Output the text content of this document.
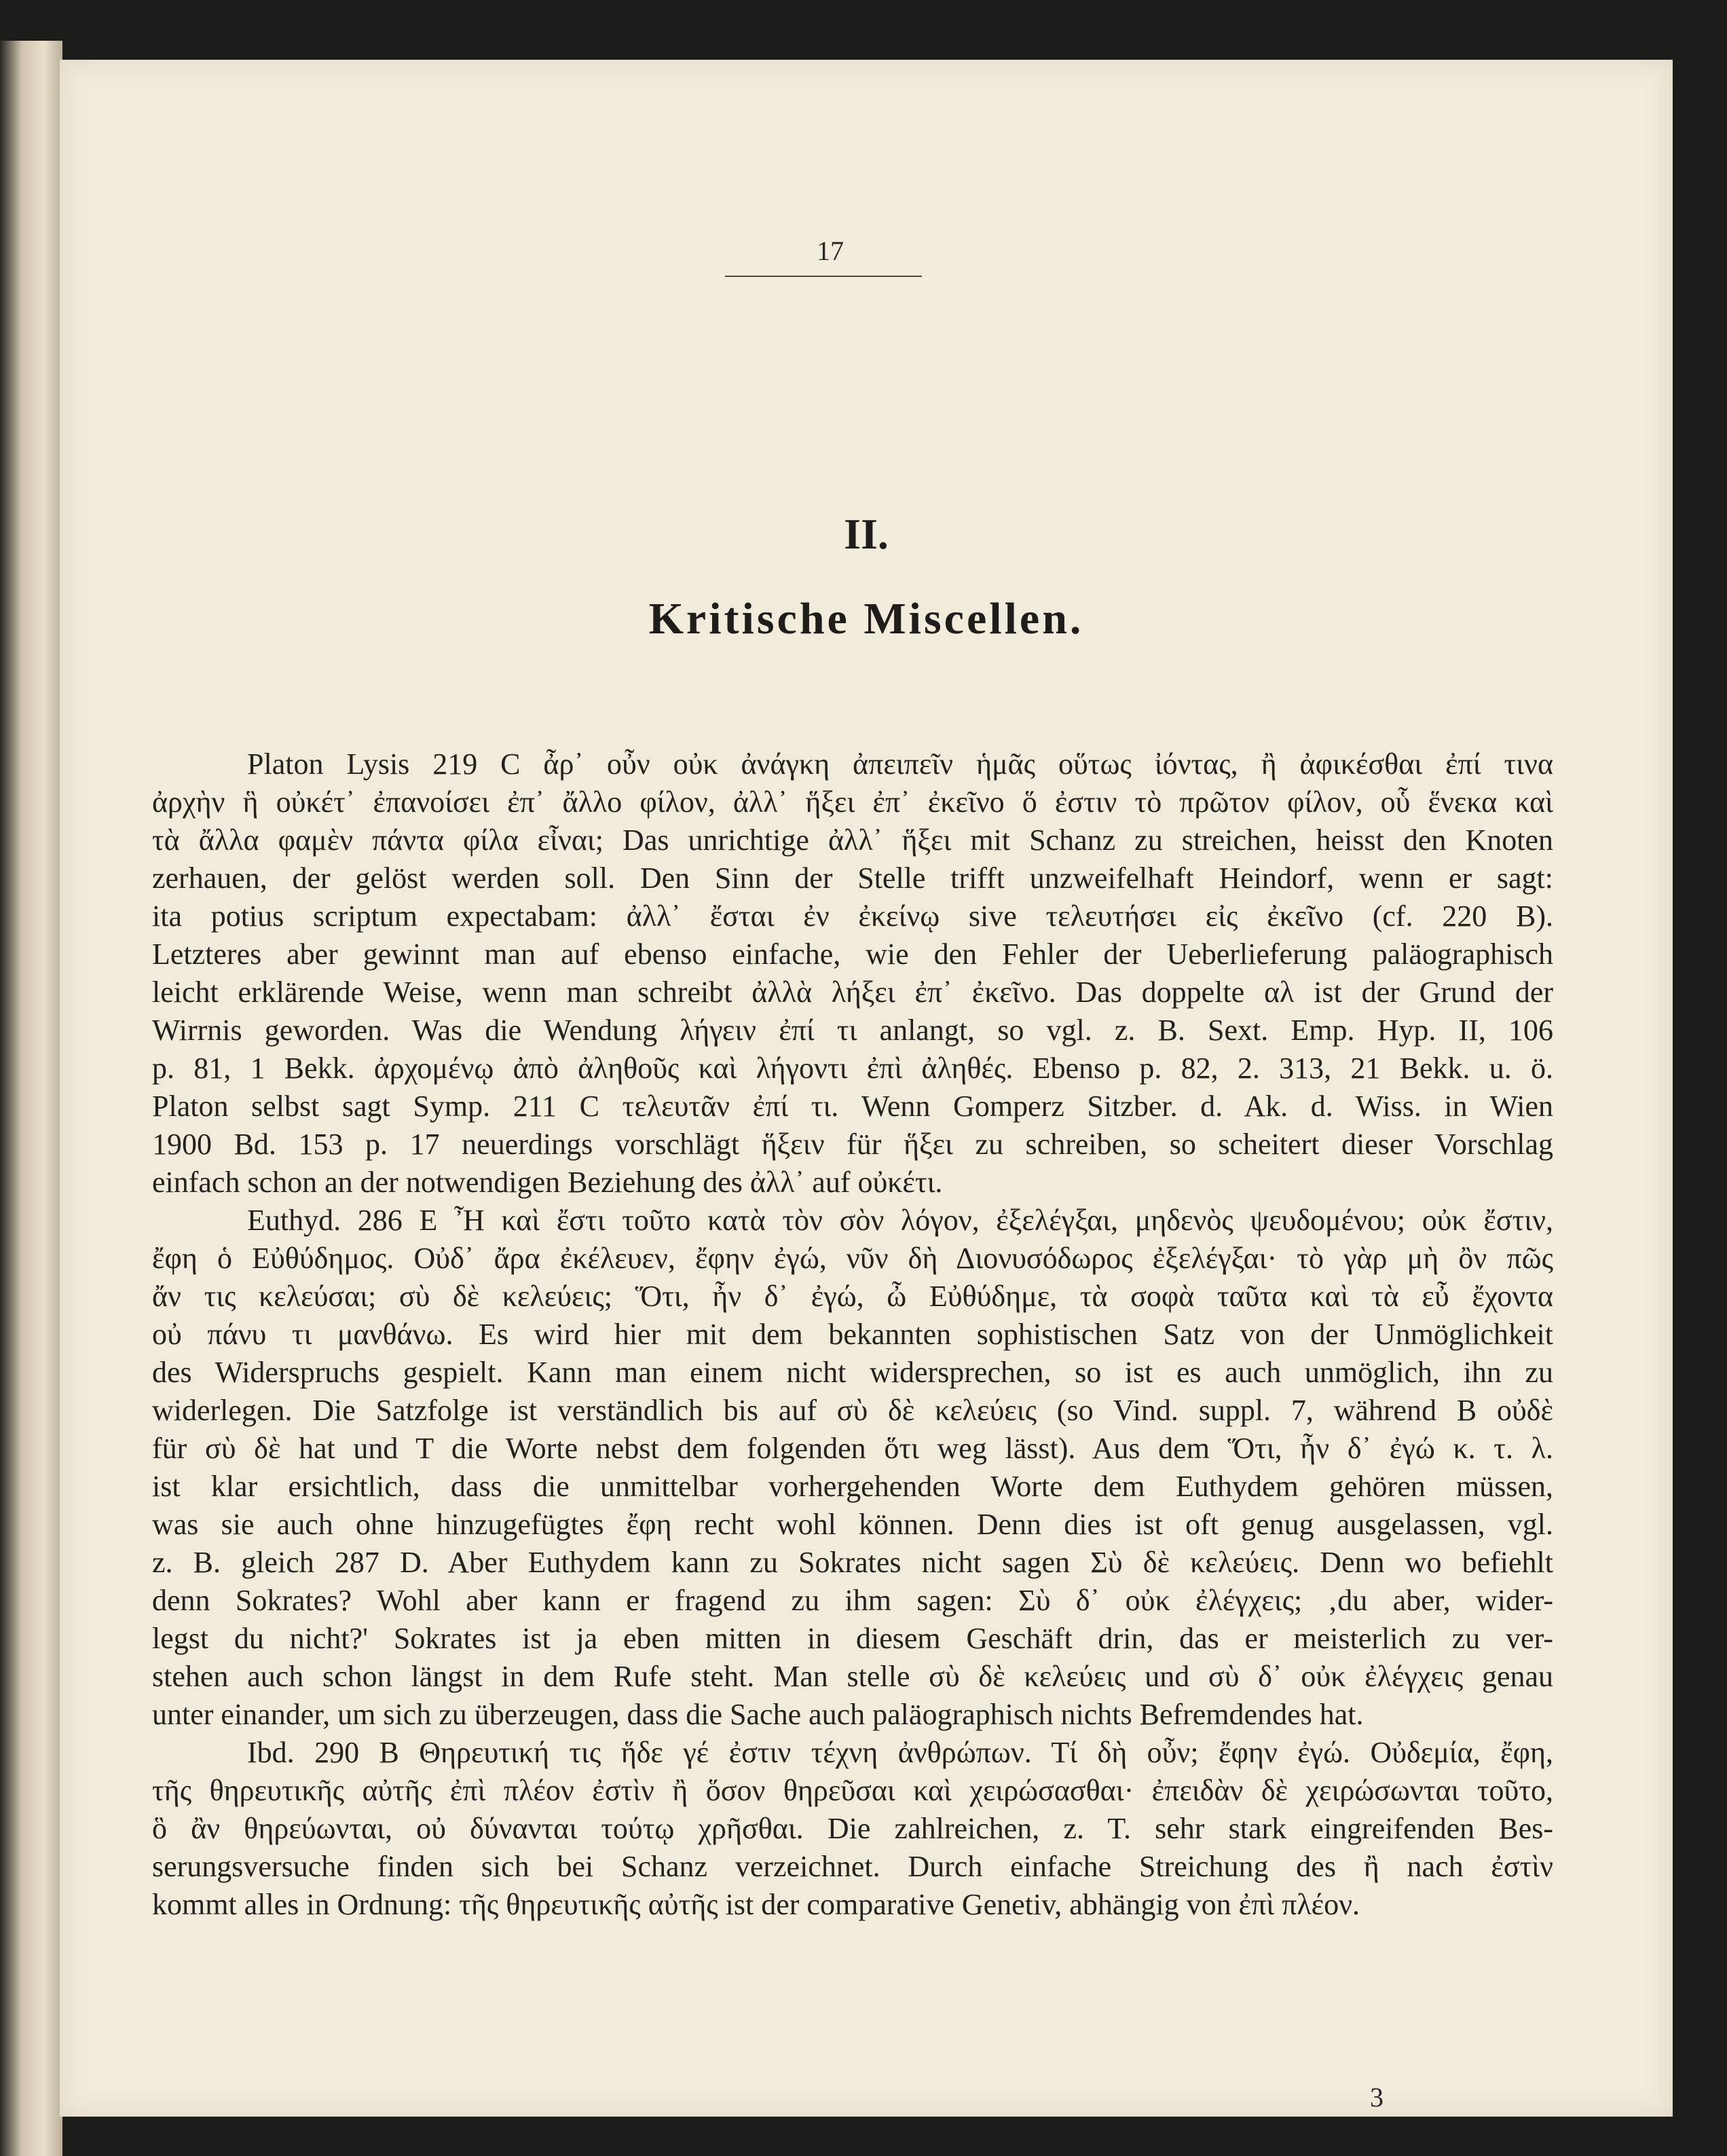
17
II.
Kritische Miscellen.
Platon Lysis 219 C ἆρ᾽ οὖν οὐκ ἀνάγκη ἀπειπεῖν ἡμᾶς οὕτως ἰόντας, ἢ ἀφικέσθαι ἐπί τινα
ἀρχὴν ἣ οὐκέτ᾽ ἐπανοίσει ἐπ᾽ ἄλλο φίλον, ἀλλ᾽ ἥξει ἐπ᾽ ἐκεῖνο ὅ ἐστιν τὸ πρῶτον φίλον, οὗ ἕνεκα καὶ
τὰ ἄλλα φαμὲν πάντα φίλα εἶναι; Das unrichtige ἀλλ᾽ ἥξει mit Schanz zu streichen, heisst den Knoten
zerhauen, der gelöst werden soll. Den Sinn der Stelle trifft unzweifelhaft Heindorf, wenn er sagt:
ita potius scriptum expectabam: ἀλλ᾽ ἔσται ἐν ἐκείνῳ sive τελευτήσει εἰς ἐκεῖνο (cf. 220 B).
Letzteres aber gewinnt man auf ebenso einfache, wie den Fehler der Ueberlieferung paläographisch
leicht erklärende Weise, wenn man schreibt ἀλλὰ λήξει ἐπ᾽ ἐκεῖνο. Das doppelte αλ ist der Grund der
Wirrnis geworden. Was die Wendung λήγειν ἐπί τι anlangt, so vgl. z. B. Sext. Emp. Hyp. II, 106
p. 81, 1 Bekk. ἀρχομένῳ ἀπὸ ἀληθοῦς καὶ λήγοντι ἐπὶ ἀληθές. Ebenso p. 82, 2. 313, 21 Bekk. u. ö.
Platon selbst sagt Symp. 211 C τελευτᾶν ἐπί τι. Wenn Gomperz Sitzber. d. Ak. d. Wiss. in Wien
1900 Bd. 153 p. 17 neuerdings vorschlägt ἥξειν für ἥξει zu schreiben, so scheitert dieser Vorschlag
einfach schon an der notwendigen Beziehung des ἀλλ᾽ auf οὐκέτι.
Euthyd. 286 E Ἦ καὶ ἔστι τοῦτο κατὰ τὸν σὸν λόγον, ἐξελέγξαι, μηδενὸς ψευδομένου; οὐκ ἔστιν,
ἔφη ὁ Εὐθύδημος. Οὐδ᾽ ἄρα ἐκέλευεν, ἔφην ἐγώ, νῦν δὴ Διονυσόδωρος ἐξελέγξαι· τὸ γὰρ μὴ ὂν πῶς
ἄν τις κελεύσαι; σὺ δὲ κελεύεις; Ὅτι, ἦν δ᾽ ἐγώ, ὦ Εὐθύδημε, τὰ σοφὰ ταῦτα καὶ τὰ εὖ ἔχοντα
οὐ πάνυ τι μανθάνω. Es wird hier mit dem bekannten sophistischen Satz von der Unmöglichkeit
des Widerspruchs gespielt. Kann man einem nicht widersprechen, so ist es auch unmöglich, ihn zu
widerlegen. Die Satzfolge ist verständlich bis auf σὺ δὲ κελεύεις (so Vind. suppl. 7, während B οὐδὲ
für σὺ δὲ hat und T die Worte nebst dem folgenden ὅτι weg lässt). Aus dem Ὅτι, ἦν δ᾽ ἐγώ κ. τ. λ.
ist klar ersichtlich, dass die unmittelbar vorhergehenden Worte dem Euthydem gehören müssen,
was sie auch ohne hinzugefügtes ἔφη recht wohl können. Denn dies ist oft genug ausgelassen, vgl.
z. B. gleich 287 D. Aber Euthydem kann zu Sokrates nicht sagen Σὺ δὲ κελεύεις. Denn wo befiehlt
denn Sokrates? Wohl aber kann er fragend zu ihm sagen: Σὺ δ᾽ οὐκ ἐλέγχεις; ‚du aber, wider-
legst du nicht?' Sokrates ist ja eben mitten in diesem Geschäft drin, das er meisterlich zu ver-
stehen auch schon längst in dem Rufe steht. Man stelle σὺ δὲ κελεύεις und σὺ δ᾽ οὐκ ἐλέγχεις genau
unter einander, um sich zu überzeugen, dass die Sache auch paläographisch nichts Befremdendes hat.
Ibd. 290 B Θηρευτική τις ἥδε γέ ἐστιν τέχνη ἀνθρώπων. Τί δὴ οὖν; ἔφην ἐγώ. Οὐδεμία, ἔφη,
τῆς θηρευτικῆς αὐτῆς ἐπὶ πλέον ἐστὶν ἢ ὅσον θηρεῦσαι καὶ χειρώσασθαι· ἐπειδὰν δὲ χειρώσωνται τοῦτο,
ὃ ἂν θηρεύωνται, οὐ δύνανται τούτῳ χρῆσθαι. Die zahlreichen, z. T. sehr stark eingreifenden Bes-
serungsversuche finden sich bei Schanz verzeichnet. Durch einfache Streichung des ἢ nach ἐστὶν
kommt alles in Ordnung: τῆς θηρευτικῆς αὐτῆς ist der comparative Genetiv, abhängig von ἐπὶ πλέον.
3
